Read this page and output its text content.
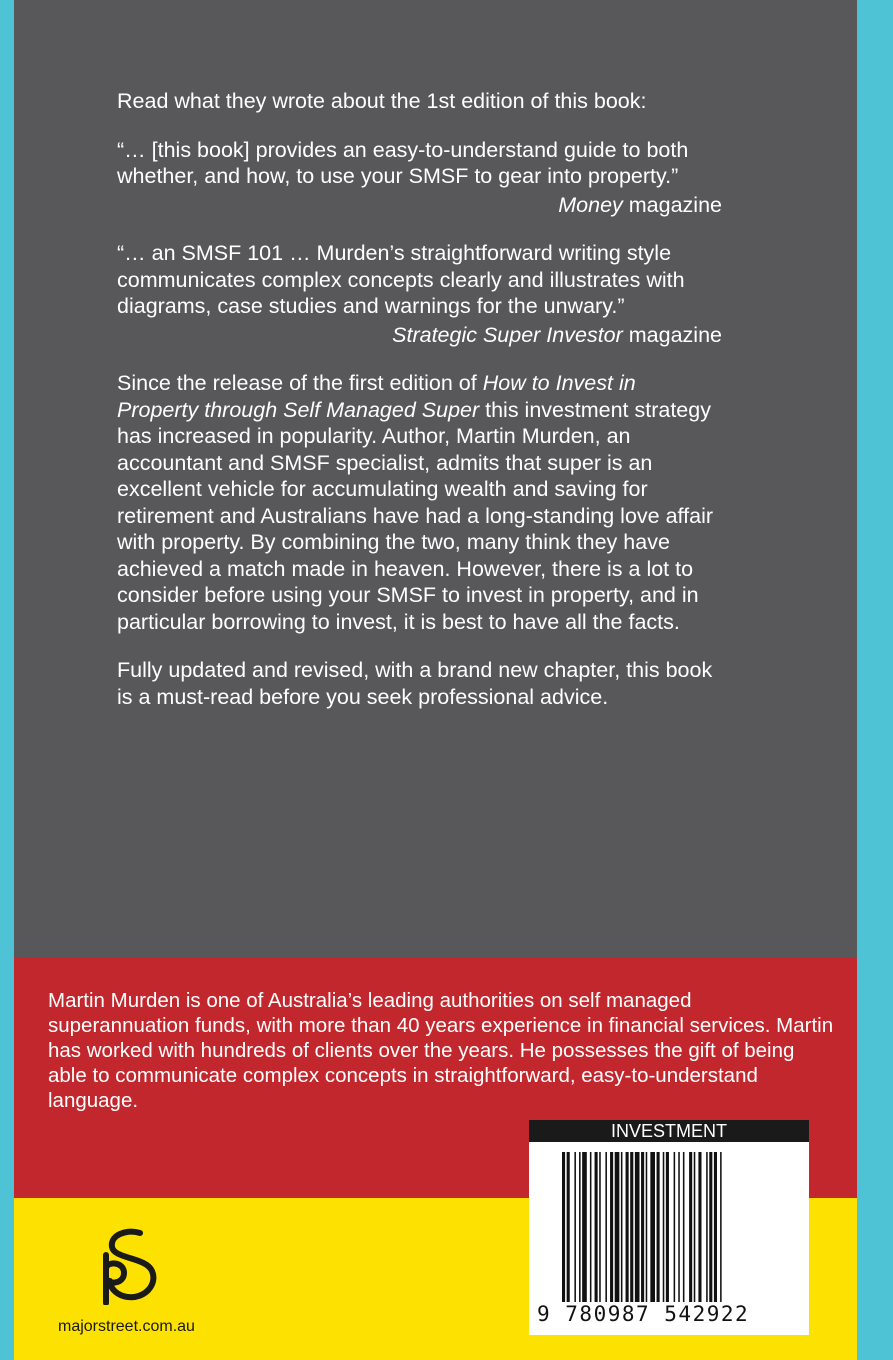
Read what they wrote about the 1st edition of this book:

“… [this book] provides an easy-to-understand guide to both whether, and how, to use your SMSF to gear into property.”

Money magazine

“… an SMSF 101 … Murden’s straightforward writing style communicates complex concepts clearly and illustrates with diagrams, case studies and warnings for the unwary.”

Strategic Super Investor magazine

Since the release of the first edition of How to Invest in Property through Self Managed Super this investment strategy has increased in popularity. Author, Martin Murden, an accountant and SMSF specialist, admits that super is an excellent vehicle for accumulating wealth and saving for retirement and Australians have had a long-standing love affair with property. By combining the two, many think they have achieved a match made in heaven. However, there is a lot to consider before using your SMSF to invest in property, and in particular borrowing to invest, it is best to have all the facts.

Fully updated and revised, with a brand new chapter, this book is a must-read before you seek professional advice.

Martin Murden is one of Australia’s leading authorities on self managed superannuation funds, with more than 40 years experience in financial services. Martin has worked with hundreds of clients over the years. He possesses the gift of being able to communicate complex concepts in straightforward, easy-to-understand language.

majorstreet.com.au
INVESTMENT
9 780987 542922
